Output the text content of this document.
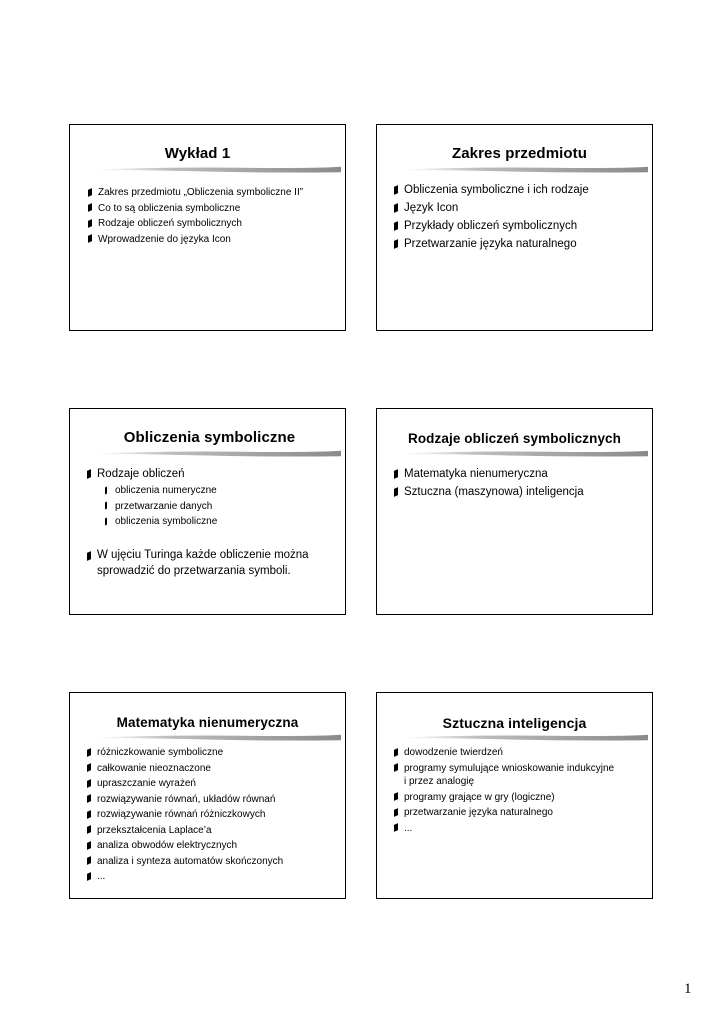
Wykład 1
Zakres przedmiotu „Obliczenia symboliczne II”
Co to są obliczenia symboliczne
Rodzaje obliczeń symbolicznych
Wprowadzenie do języka Icon
Zakres przedmiotu
Obliczenia symboliczne i ich rodzaje
Język Icon
Przykłady obliczeń symbolicznych
Przetwarzanie języka naturalnego
Obliczenia symboliczne
Rodzaje obliczeń
obliczenia numeryczne
przetwarzanie danych
obliczenia symboliczne
W ujęciu Turinga każde obliczenie można
sprowadzić do przetwarzania symboli.
Rodzaje obliczeń symbolicznych
Matematyka nienumeryczna
Sztuczna (maszynowa) inteligencja
Matematyka nienumeryczna
różniczkowanie symboliczne
całkowanie nieoznaczone
upraszczanie wyrażeń
rozwiązywanie równań, układów równań
rozwiązywanie równań różniczkowych
przekształcenia Laplace’a
analiza obwodów elektrycznych
analiza i synteza automatów skończonych
...
Sztuczna inteligencja
dowodzenie twierdzeń
programy symulujące wnioskowanie indukcyjne
i przez analogię
programy grające w gry (logiczne)
przetwarzanie języka naturalnego
...
1
